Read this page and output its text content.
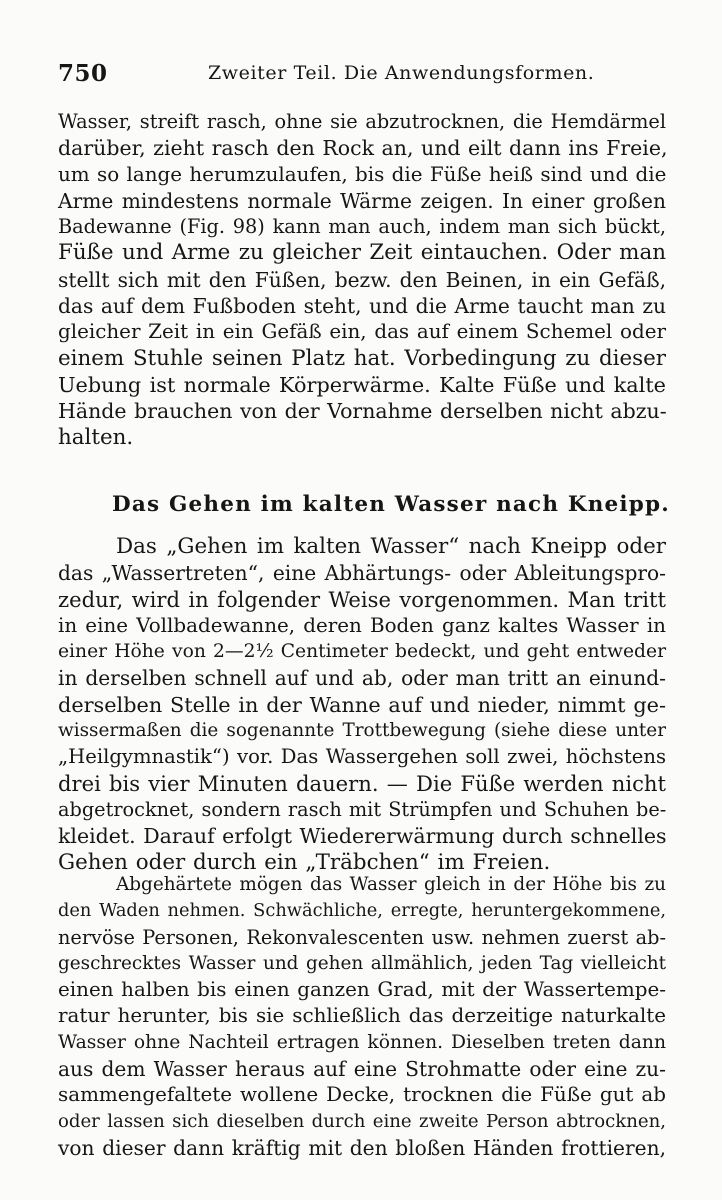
750	Zweiter Teil. Die Anwendungsformen.
Wasser, streift rasch, ohne sie abzutrocknen, die Hemdärmel
darüber, zieht rasch den Rock an, und eilt dann ins Freie,
um so lange herumzulaufen, bis die Füße heiß sind und die
Arme mindestens normale Wärme zeigen. In einer großen
Badewanne (Fig. 98) kann man auch, indem man sich bückt,
Füße und Arme zu gleicher Zeit eintauchen. Oder man
stellt sich mit den Füßen, bezw. den Beinen, in ein Gefäß,
das auf dem Fußboden steht, und die Arme taucht man zu
gleicher Zeit in ein Gefäß ein, das auf einem Schemel oder
einem Stuhle seinen Platz hat. Vorbedingung zu dieser
Uebung ist normale Körperwärme. Kalte Füße und kalte
Hände brauchen von der Vornahme derselben nicht abzu-
halten.
Das Gehen im kalten Wasser nach Kneipp.
Das „Gehen im kalten Wasser“ nach Kneipp oder
das „Wassertreten“, eine Abhärtungs- oder Ableitungspro-
zedur, wird in folgender Weise vorgenommen. Man tritt
in eine Vollbadewanne, deren Boden ganz kaltes Wasser in
einer Höhe von 2—2½ Centimeter bedeckt, und geht entweder
in derselben schnell auf und ab, oder man tritt an einund-
derselben Stelle in der Wanne auf und nieder, nimmt ge-
wissermaßen die sogenannte Trottbewegung (siehe diese unter
„Heilgymnastik“) vor. Das Wassergehen soll zwei, höchstens
drei bis vier Minuten dauern. — Die Füße werden nicht
abgetrocknet, sondern rasch mit Strümpfen und Schuhen be-
kleidet. Darauf erfolgt Wiedererwärmung durch schnelles
Gehen oder durch ein „Träbchen“ im Freien.
Abgehärtete mögen das Wasser gleich in der Höhe bis zu
den Waden nehmen. Schwächliche, erregte, heruntergekommene,
nervöse Personen, Rekonvalescenten usw. nehmen zuerst ab-
geschrecktes Wasser und gehen allmählich, jeden Tag vielleicht
einen halben bis einen ganzen Grad, mit der Wassertempe-
ratur herunter, bis sie schließlich das derzeitige naturkalte
Wasser ohne Nachteil ertragen können. Dieselben treten dann
aus dem Wasser heraus auf eine Strohmatte oder eine zu-
sammengefaltete wollene Decke, trocknen die Füße gut ab
oder lassen sich dieselben durch eine zweite Person abtrocknen,
von dieser dann kräftig mit den bloßen Händen frottieren,
